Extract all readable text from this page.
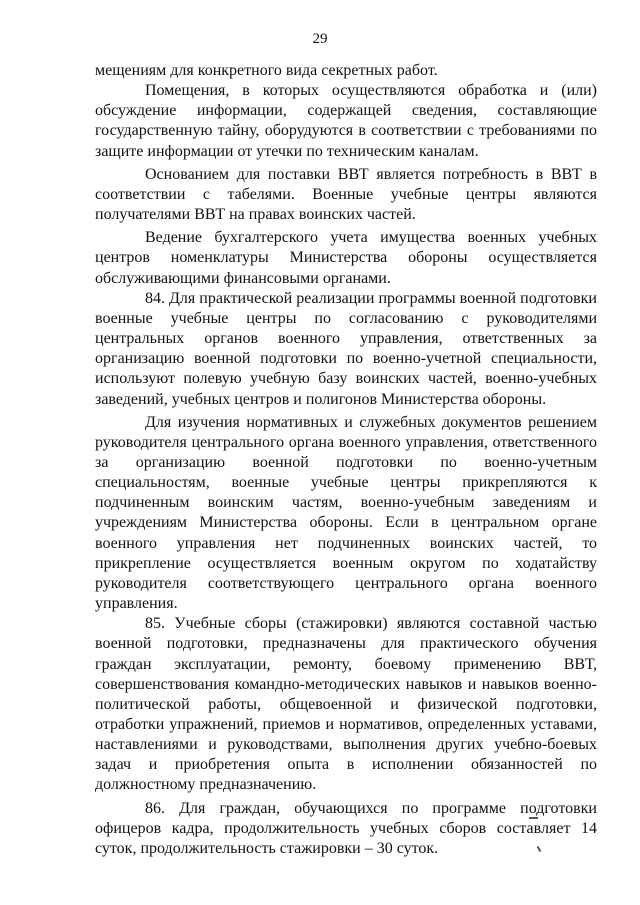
29

мещениям для конкретного вида секретных работ.

Помещения, в которых осуществляются обработка и (или) обсуждение информации, содержащей сведения, составляющие государственную тайну, оборудуются в соответствии с требованиями по защите информации от утечки по техническим каналам.

Основанием для поставки ВВТ является потребность в ВВТ в соответствии с табелями. Военные учебные центры являются получателями ВВТ на правах воинских частей.

Ведение бухгалтерского учета имущества военных учебных центров номенклатуры Министерства обороны осуществляется обслуживающими финансовыми органами.

84. Для практической реализации программы военной подготовки военные учебные центры по согласованию с руководителями центральных органов военного управления, ответственных за организацию военной подготовки по военно-учетной специальности, используют полевую учебную базу воинских частей, военно-учебных заведений, учебных центров и полигонов Министерства обороны.

Для изучения нормативных и служебных документов решением руководителя центрального органа военного управления, ответственного за организацию военной подготовки по военно-учетным специальностям, военные учебные центры прикрепляются к подчиненным воинским частям, военно-учебным заведениям и учреждениям Министерства обороны. Если в центральном органе военного управления нет подчиненных воинских частей, то прикрепление осуществляется военным округом по ходатайству руководителя соответствующего центрального органа военного управления.

85. Учебные сборы (стажировки) являются составной частью военной подготовки, предназначены для практического обучения граждан эксплуатации, ремонту, боевому применению ВВТ, совершенствования командно-методических навыков и навыков военно-политической работы, общевоенной и физической подготовки, отработки упражнений, приемов и нормативов, определенных уставами, наставлениями и руководствами, выполнения других учебно-боевых задач и приобретения опыта в исполнении обязанностей по должностному предназначению.

86. Для граждан, обучающихся по программе подготовки офицеров кадра, продолжительность учебных сборов составляет 14 суток, продолжительность стажировки – 30 суток.
